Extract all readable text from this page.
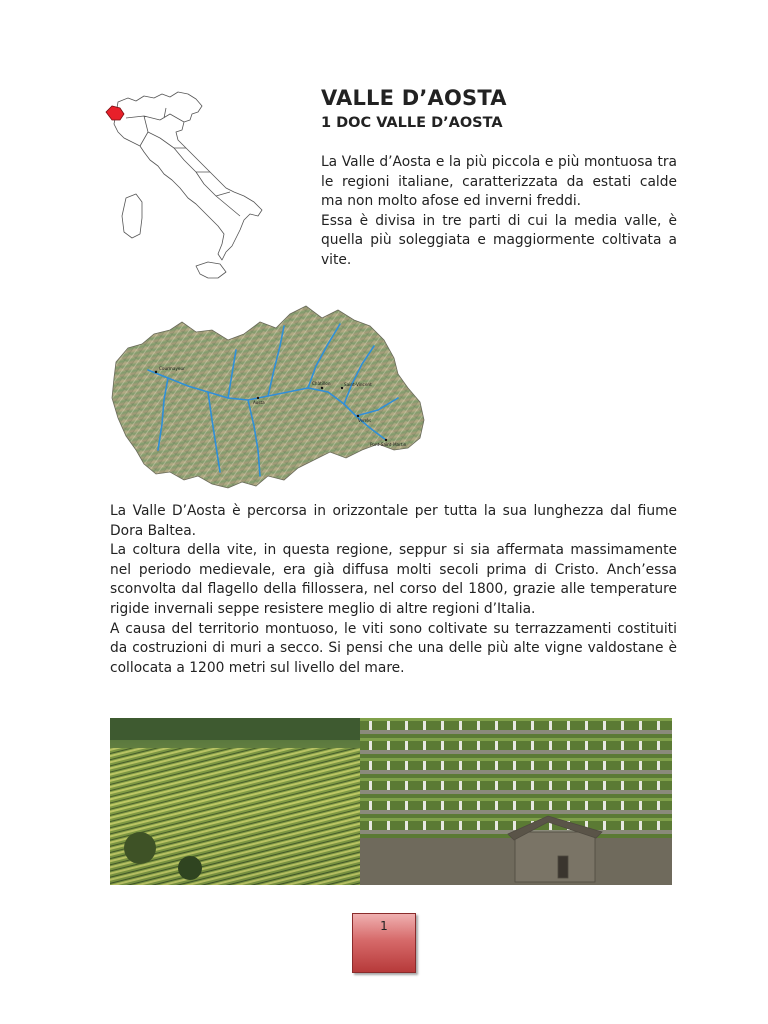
VALLE D’AOSTA
1 DOC VALLE D’AOSTA

La Valle d’Aosta e la più piccola e più montuosa tra le regioni italiane, caratterizzata da estati calde ma non molto afose ed inverni freddi.

Essa è divisa in tre parti di cui la media valle, è quella più soleggiata e maggiormente coltivata a vite.

Courmayeur
Aosta
Châtillon	Saint-Vincent
Verrès
Pont-Saint-Martin

La Valle D’Aosta è percorsa in orizzontale per tutta la sua lunghezza dal fiume Dora Baltea.

La coltura della vite, in questa regione, seppur si sia affermata massimamente nel periodo medievale, era già diffusa molti secoli prima di Cristo. Anch’essa sconvolta dal flagello della fillossera, nel corso del 1800, grazie alle temperature rigide invernali seppe resistere meglio di altre regioni d’Italia.

A causa del territorio montuoso, le viti sono coltivate su terrazzamenti costituiti da costruzioni di muri a secco. Si pensi che una delle più alte vigne valdostane è collocata a 1200 metri sul livello del mare.

1
